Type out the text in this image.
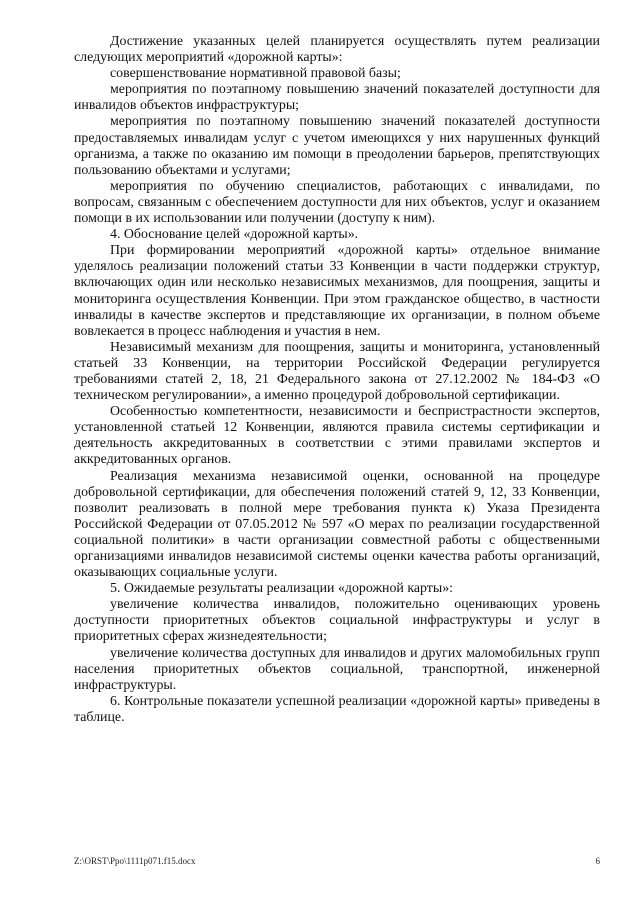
Достижение указанных целей планируется осуществлять путем реализации следующих мероприятий «дорожной карты»:

совершенствование нормативной правовой базы;

мероприятия по поэтапному повышению значений показателей доступности для инвалидов объектов инфраструктуры;

мероприятия по поэтапному повышению значений показателей доступности предоставляемых инвалидам услуг с учетом имеющихся у них нарушенных функций организма, а также по оказанию им помощи в преодолении барьеров, препятствующих пользованию объектами и услугами;

мероприятия по обучению специалистов, работающих с инвалидами, по вопросам, связанным с обеспечением доступности для них объектов, услуг и оказанием помощи в их использовании или получении (доступу к ним).

4. Обоснование целей «дорожной карты».

При формировании мероприятий «дорожной карты» отдельное внимание уделялось реализации положений статьи 33 Конвенции в части поддержки структур, включающих один или несколько независимых механизмов, для поощрения, защиты и мониторинга осуществления Конвенции. При этом гражданское общество, в частности инвалиды в качестве экспертов и представляющие их организации, в полном объеме вовлекается в процесс наблюдения и участия в нем.

Независимый механизм для поощрения, защиты и мониторинга, установленный статьей 33 Конвенции, на территории Российской Федерации регулируется требованиями статей 2, 18, 21 Федерального закона от 27.12.2002 № 184-ФЗ «О техническом регулировании», а именно процедурой добровольной сертификации.

Особенностью компетентности, независимости и беспристрастности экспертов, установленной статьей 12 Конвенции, являются правила системы сертификации и деятельность аккредитованных в соответствии с этими правилами экспертов и аккредитованных органов.

Реализация механизма независимой оценки, основанной на процедуре добровольной сертификации, для обеспечения положений статей 9, 12, 33 Конвенции, позволит реализовать в полной мере требования пункта к) Указа Президента Российской Федерации от 07.05.2012 № 597 «О мерах по реализации государственной социальной политики» в части организации совместной работы с общественными организациями инвалидов независимой системы оценки качества работы организаций, оказывающих социальные услуги.

5. Ожидаемые результаты реализации «дорожной карты»:

увеличение количества инвалидов, положительно оценивающих уровень доступности приоритетных объектов социальной инфраструктуры и услуг в приоритетных сферах жизнедеятельности;

увеличение количества доступных для инвалидов и других маломобильных групп населения приоритетных объектов социальной, транспортной, инженерной инфраструктуры.

6. Контрольные показатели успешной реализации «дорожной карты» приведены в таблице.

Z:\ORST\Ppo\1111p071.f15.docx	6
